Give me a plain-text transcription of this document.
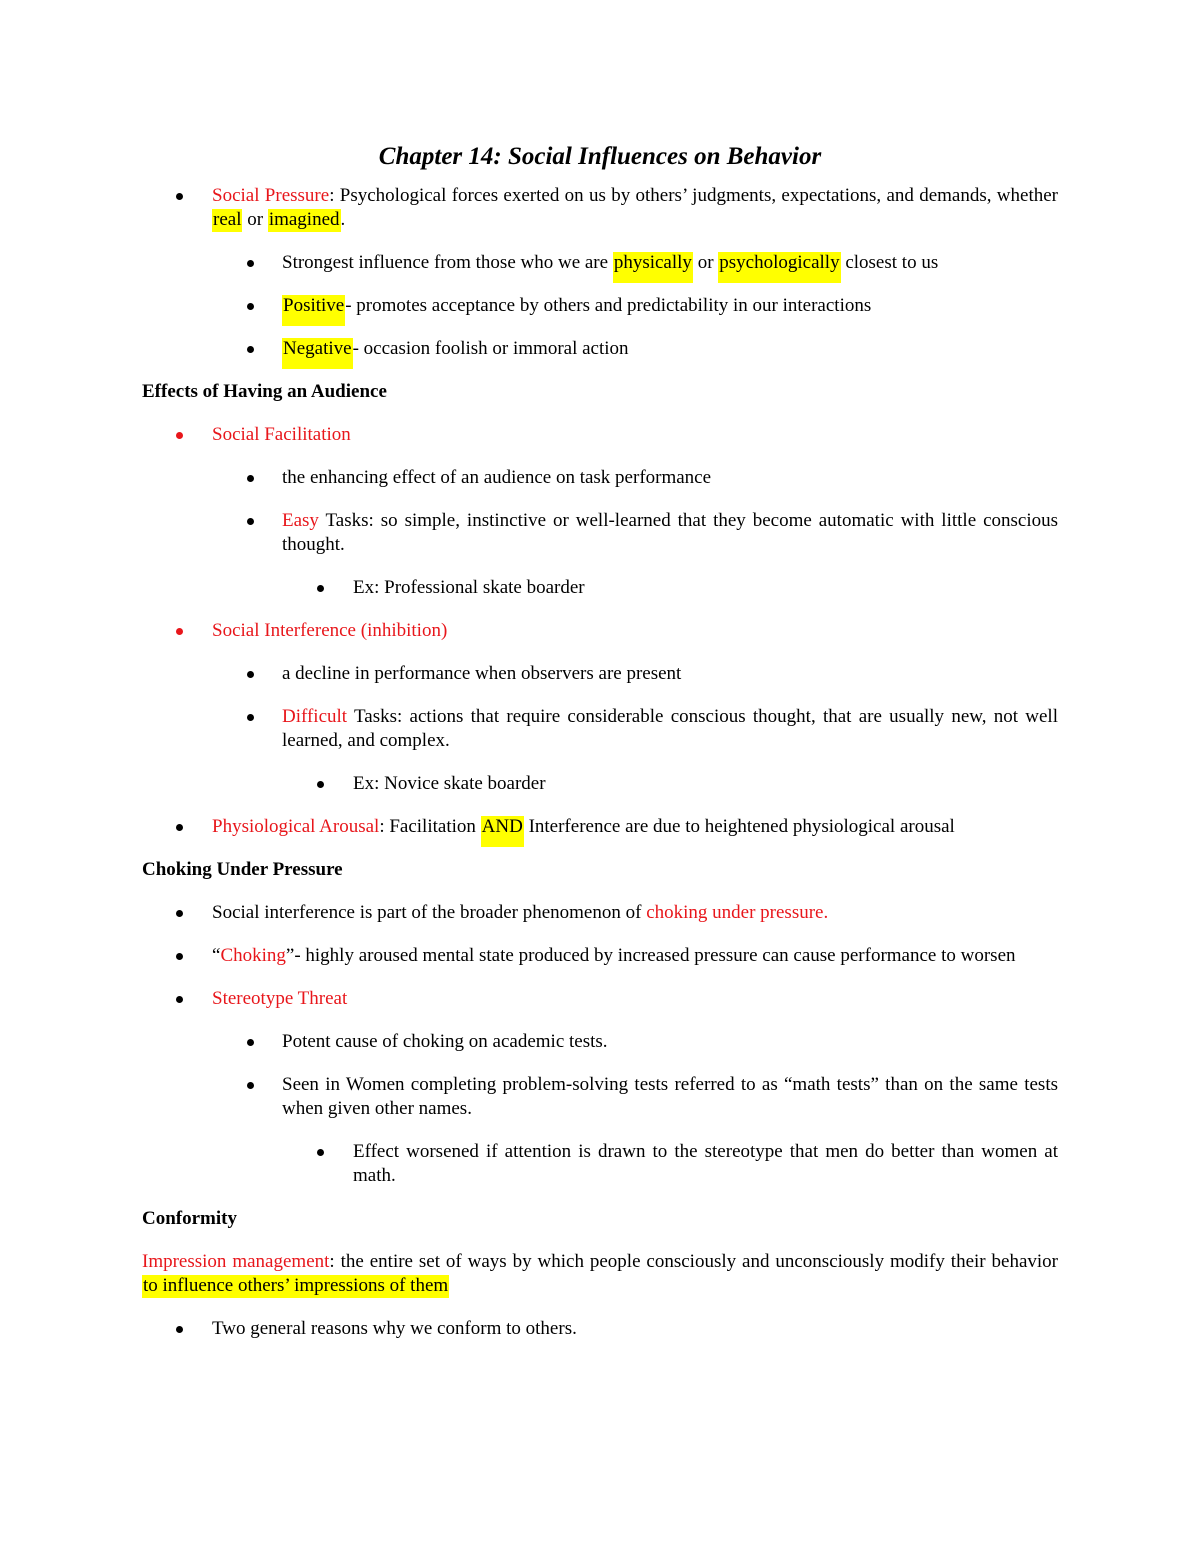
Chapter 14: Social Influences on Behavior
Social Pressure: Psychological forces exerted on us by others’ judgments, expectations, and demands, whether real or imagined.
Strongest influence from those who we are physically or psychologically closest to us
Positive- promotes acceptance by others and predictability in our interactions
Negative- occasion foolish or immoral action
Effects of Having an Audience
Social Facilitation
the enhancing effect of an audience on task performance
Easy Tasks: so simple, instinctive or well-learned that they become automatic with little conscious thought.
Ex: Professional skate boarder
Social Interference (inhibition)
a decline in performance when observers are present
Difficult Tasks: actions that require considerable conscious thought, that are usually new, not well learned, and complex.
Ex: Novice skate boarder
Physiological Arousal: Facilitation AND Interference are due to heightened physiological arousal
Choking Under Pressure
Social interference is part of the broader phenomenon of choking under pressure.
“Choking”- highly aroused mental state produced by increased pressure can cause performance to worsen
Stereotype Threat
Potent cause of choking on academic tests.
Seen in Women completing problem-solving tests referred to as “math tests” than on the same tests when given other names.
Effect worsened if attention is drawn to the stereotype that men do better than women at math.
Conformity
Impression management: the entire set of ways by which people consciously and unconsciously modify their behavior to influence others’ impressions of them
Two general reasons why we conform to others.
